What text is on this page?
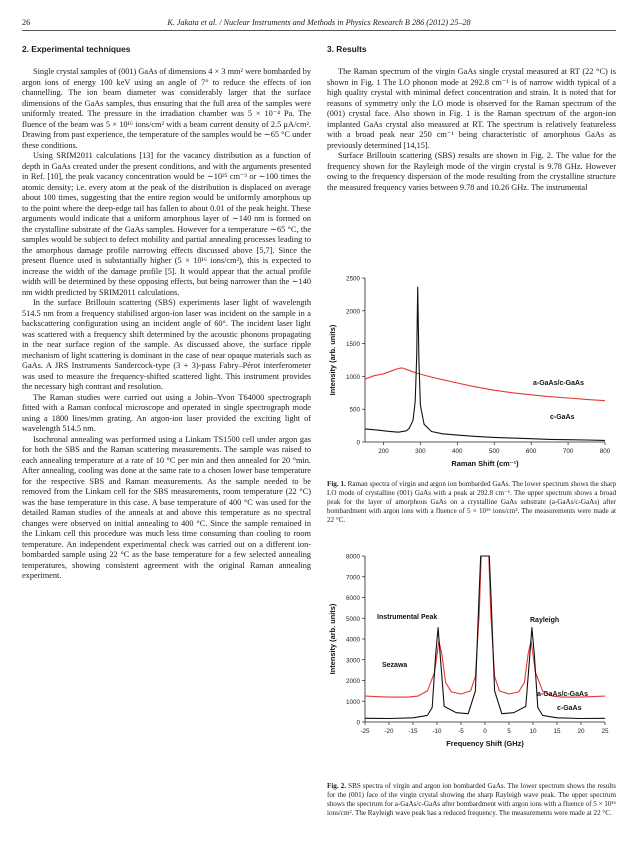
26	K. Jakata et al. / Nuclear Instruments and Methods in Physics Research B 286 (2012) 25–28
2. Experimental techniques

Single crystal samples of (001) GaAs of dimensions 4 × 3 mm² were bombarded by argon ions of energy 100 keV using an angle of 7° to reduce the effects of ion channelling. The ion beam diameter was considerably larger that the surface dimensions of the GaAs samples, thus ensuring that the full area of the samples were uniformly treated. The pressure in the irradiation chamber was 5 × 10⁻⁴ Pa. The fluence of the beam was 5 × 10¹⁶ ions/cm² with a beam current density of 2.5 μA/cm². Drawing from past experience, the temperature of the samples would be ∼65 °C under these conditions.

Using SRIM2011 calculations [13] for the vacancy distribution as a function of depth in GaAs created under the present conditions, and with the arguments presented in Ref. [10], the peak vacancy concentration would be ∼10²⁵ cm⁻³ or ∼100 times the atomic density; i.e. every atom at the peak of the distribution is displaced on average about 100 times, suggesting that the entire region would be uniformly amorphous up to the point where the deep-edge tail has fallen to about 0.01 of the peak height. These arguments would indicate that a uniform amorphous layer of ∼140 nm is formed on the crystalline substrate of the GaAs samples. However for a temperature ∼65 °C, the samples would be subject to defect mobility and partial annealing processes leading to the amorphous damage profile narrowing effects discussed above [5,7]. Since the present fluence used is substantially higher (5 × 10¹⁶ ions/cm²), this is expected to increase the width of the damage profile [5]. It would appear that the actual profile width will be determined by these opposing effects, but being narrower than the ∼140 nm width predicted by SRIM2011 calculations.

In the surface Brillouin scattering (SBS) experiments laser light of wavelength 514.5 nm from a frequency stabilised argon-ion laser was incident on the sample in a backscattering configuration using an incident angle of 60°. The incident laser light was scattered with a frequency shift determined by the acoustic phonons propagating in the near surface region of the sample. As discussed above, the surface ripple mechanism of light scattering is dominant in the case of near opaque materials such as GaAs. A JRS Instruments Sandercock-type (3 + 3)-pass Fabry–Pérot interferometer was used to measure the frequency-shifted scattered light. This instrument provides the necessary high contrast and resolution.

The Raman studies were carried out using a Jobin–Yvon T64000 spectrograph fitted with a Raman confocal microscope and operated in single spectrograph mode using a 1800 lines/mm grating. An argon-ion laser provided the exciting light of wavelength 514.5 nm.

Isochronal annealing was performed using a Linkam TS1500 cell under argon gas for both the SBS and the Raman scattering measurements. The sample was raised to each annealing temperature at a rate of 10 °C per min and then annealed for 20 °min. After annealing, cooling was done at the same rate to a chosen lower base temperature for the respective SBS and Raman measurements. As the sample needed to be removed from the Linkam cell for the SBS measurements, room temperature (22 °C) was the base temperature in this case. A base temperature of 400 °C was used for the detailed Raman studies of the anneals at and above this temperature as no spectral changes were observed on initial annealing to 400 °C. Since the sample remained in the Linkam cell this procedure was much less time consuming than cooling to room temperature. An independent experimental check was carried out on a different ion-bombarded sample using 22 °C as the base temperature for a few selected annealing temperatures, showing consistent agreement with the original Raman annealing experiment.

3. Results

The Raman spectrum of the virgin GaAs single crystal measured at RT (22 °C) is shown in Fig. 1 The LO phonon mode at 292.8 cm⁻¹ is of narrow width typical of a high quality crystal with minimal defect concentration and strain. It is noted that for reasons of symmetry only the LO mode is observed for the Raman spectrum of the (001) crystal face. Also shown in Fig. 1 is the Raman spectrum of the argon-ion implanted GaAs crystal also measured at RT. The spectrum is relatively featureless with a broad peak near 250 cm⁻¹ being characteristic of amorphous GaAs as previously determined [14,15].

Surface Brillouin scattering (SBS) results are shown in Fig. 2. The value for the frequency shown for the Rayleigh mode of the virgin crystal is 9.78 GHz. However owing to the frequency dispersion of the mode resulting from the crystalline structure the measured frequency varies between 9.78 and 10.26 GHz. The instrumental

0
500
1000
1500
2000
2500
200	300	400	500	600	700	800
Raman Shift (cm⁻¹)
Intensity (arb. units)	a-GaAs/c-GaAs
c-GaAs
Fig. 1. Raman spectra of virgin and argon ion bombarded GaAs. The lower spectrum shows the sharp LO mode of crystalline (001) GaAs with a peak at 292.8 cm⁻¹. The upper spectrum shows a broad peak for the layer of amorphous GaAs on a crystalline GaAs substrate (a-GaAs/c-GaAs) after bombardment with argon ions with a fluence of 5 × 10¹⁶ ions/cm². The measurements were made at 22 °C.
0
1000
2000
3000
4000
5000
6000
7000
8000
-25 -20 -15 -10	-5	0	5	10	15	20	25
Frequency Shift (GHz)
Intensity (arb. units)	Instrumental Peak	Rayleigh
Sezawa
a-GaAs/c-GaAs
c-GaAs
Fig. 2. SBS spectra of virgin and argon ion bombarded GaAs. The lower spectrum shows the results for the (001) face of the virgin crystal showing the sharp Rayleigh wave peak. The upper spectrum shows the spectrum for a-GaAs/c-GaAs after bombardment with argon ions with a fluence of 5 × 10¹⁶ ions/cm². The Rayleigh wave peak has a reduced frequency. The measurements were made at 22 °C.
